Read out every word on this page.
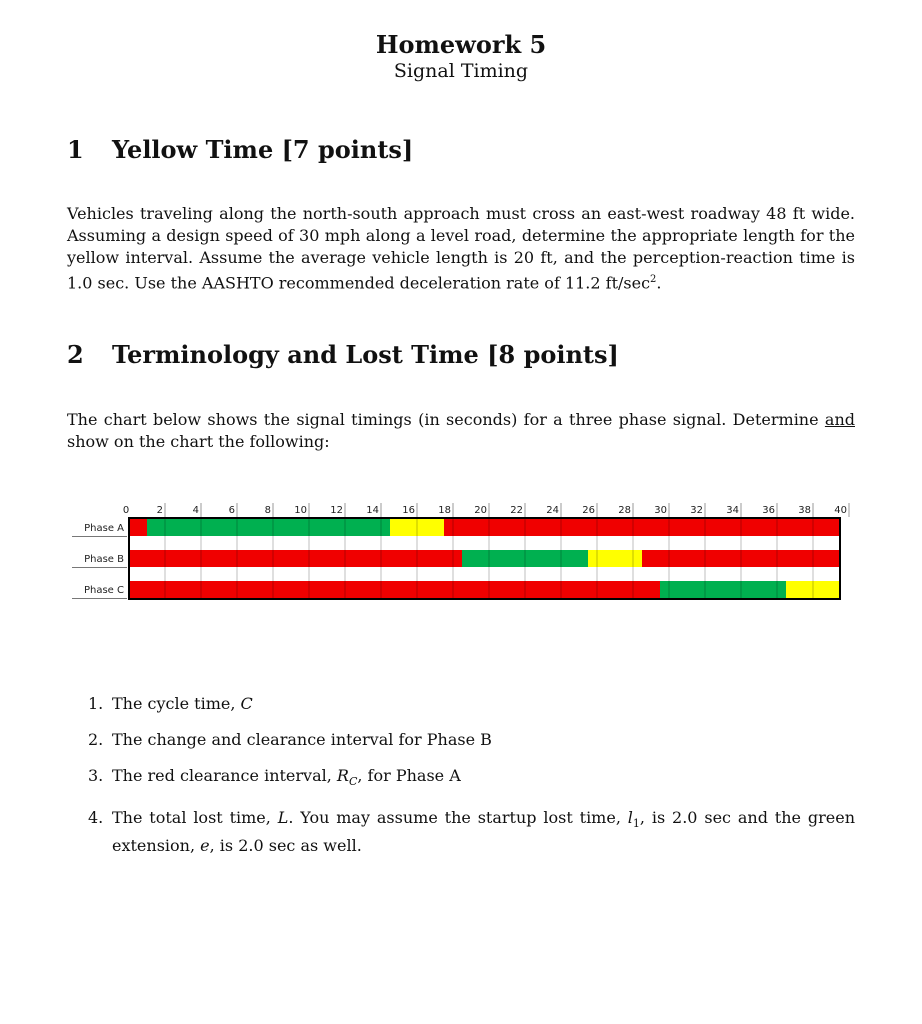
Homework 5
Signal Timing
1 Yellow Time [7 points]
Vehicles traveling along the north-south approach must cross an east-west roadway 48 ft wide. Assuming a design speed of 30 mph along a level road, determine the appropriate length for the yellow interval. Assume the average vehicle length is 20 ft, and the perception-reaction time is 1.0 sec. Use the AASHTO recommended deceleration rate of 11.2 $ft/\sec^2$.
2 Terminology and Lost Time [8 points]
The chart below shows the signal timings (in seconds) for a three phase signal. Determine and show on the chart the following:
0	2	4	6	8 10 12 14 16 18 20 22 24 26 28 30 32 34 36 38 40
Phase A
Phase B
Phase C
1. The cycle time, C
2. The change and clearance interval for Phase B
3. The red clearance interval, $R_C$, for Phase A
4. The total lost time, L. You may assume the startup lost time, $l_1$, is 2.0 sec and the green extension, e, is 2.0 sec as well.
